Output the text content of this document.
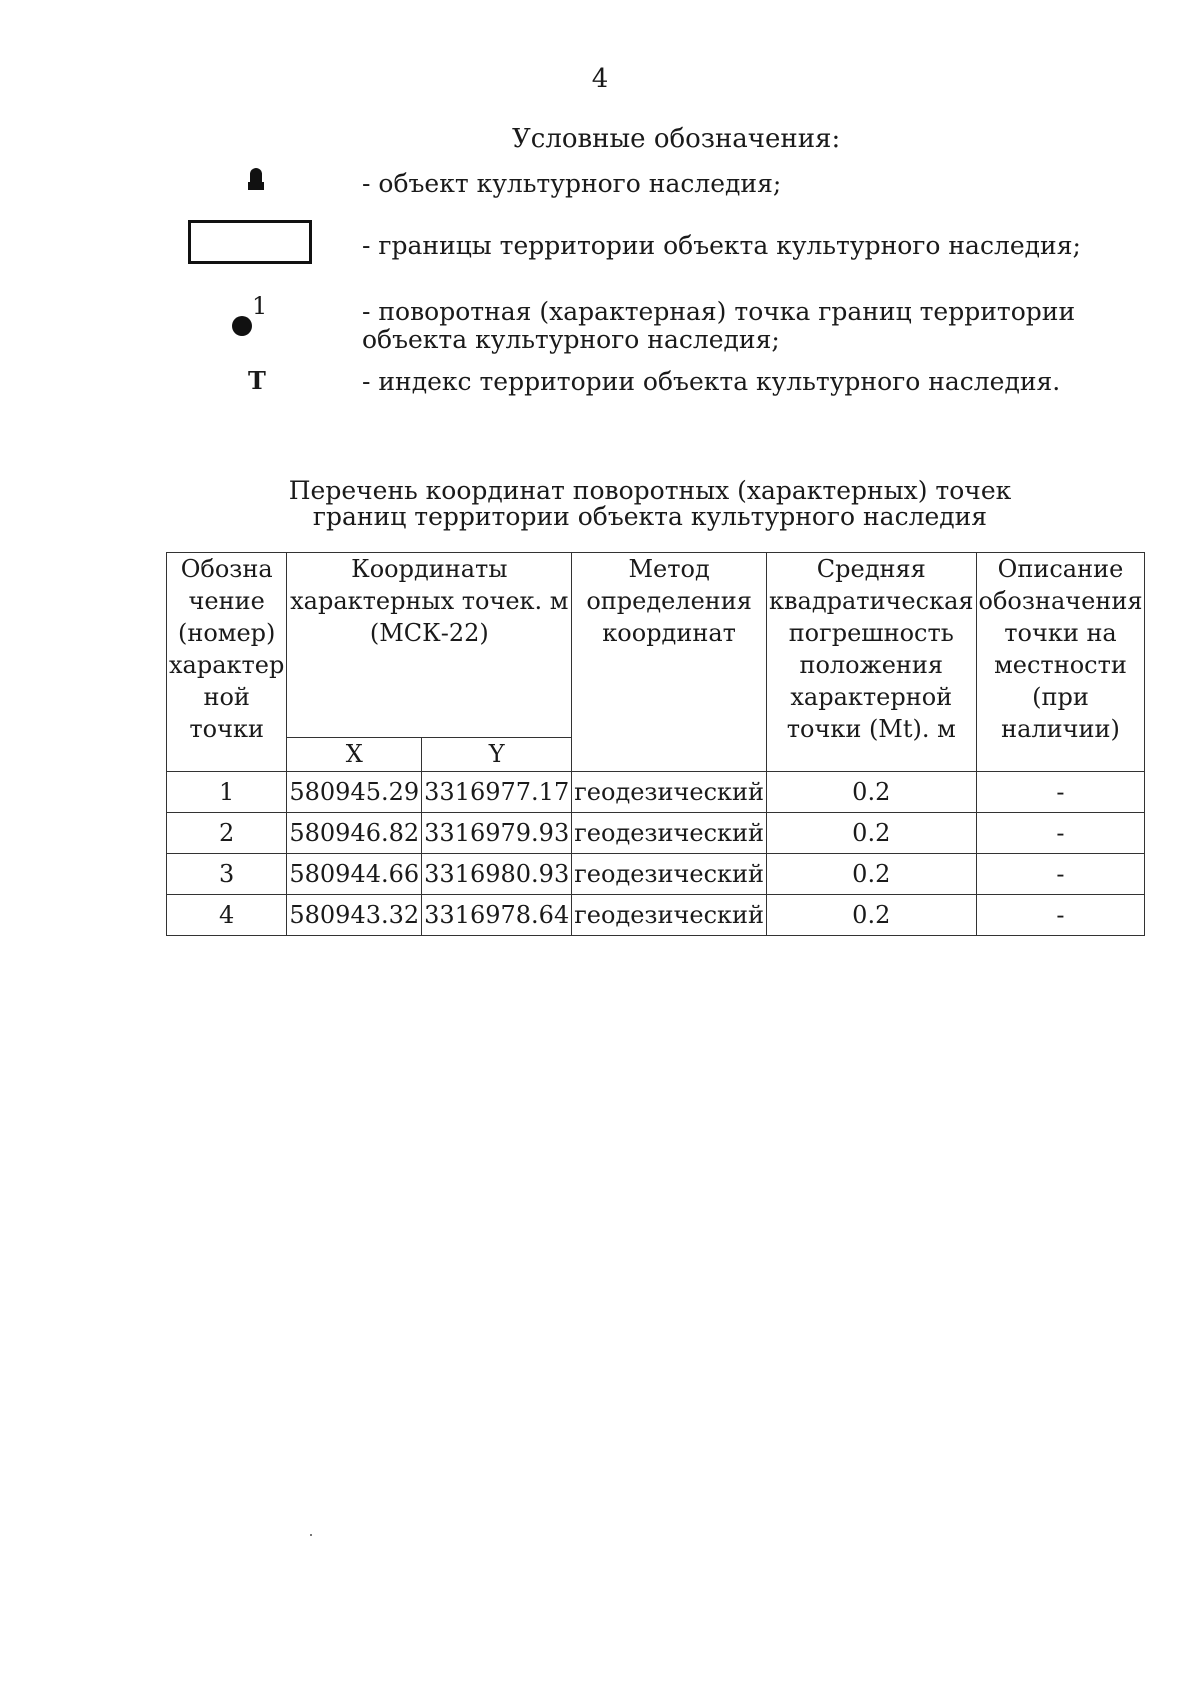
4
Условные обозначения:
- объект культурного наследия;
- границы территории объекта культурного наследия;
1	- поворотная (характерная) точка границ территории объекта культурного наследия;
Т	- индекс территории объекта культурного наследия.
Перечень координат поворотных (характерных) точек
границ территории объекта культурного наследия
Обозна чение (номер) характер ной точки	Координаты характерных точек. м (МСК-22)		Метод определения координат	Средняя квадратическая погрешность положения характерной точки (Mt). м	Описание обозначения точки на местности (при наличии)
	X	Y			
1	580945.29	3316977.17	геодезический	0.2	-
2	580946.82	3316979.93	геодезический	0.2	-
3	580944.66	3316980.93	геодезический	0.2	-
4	580943.32	3316978.64	геодезический	0.2	-
